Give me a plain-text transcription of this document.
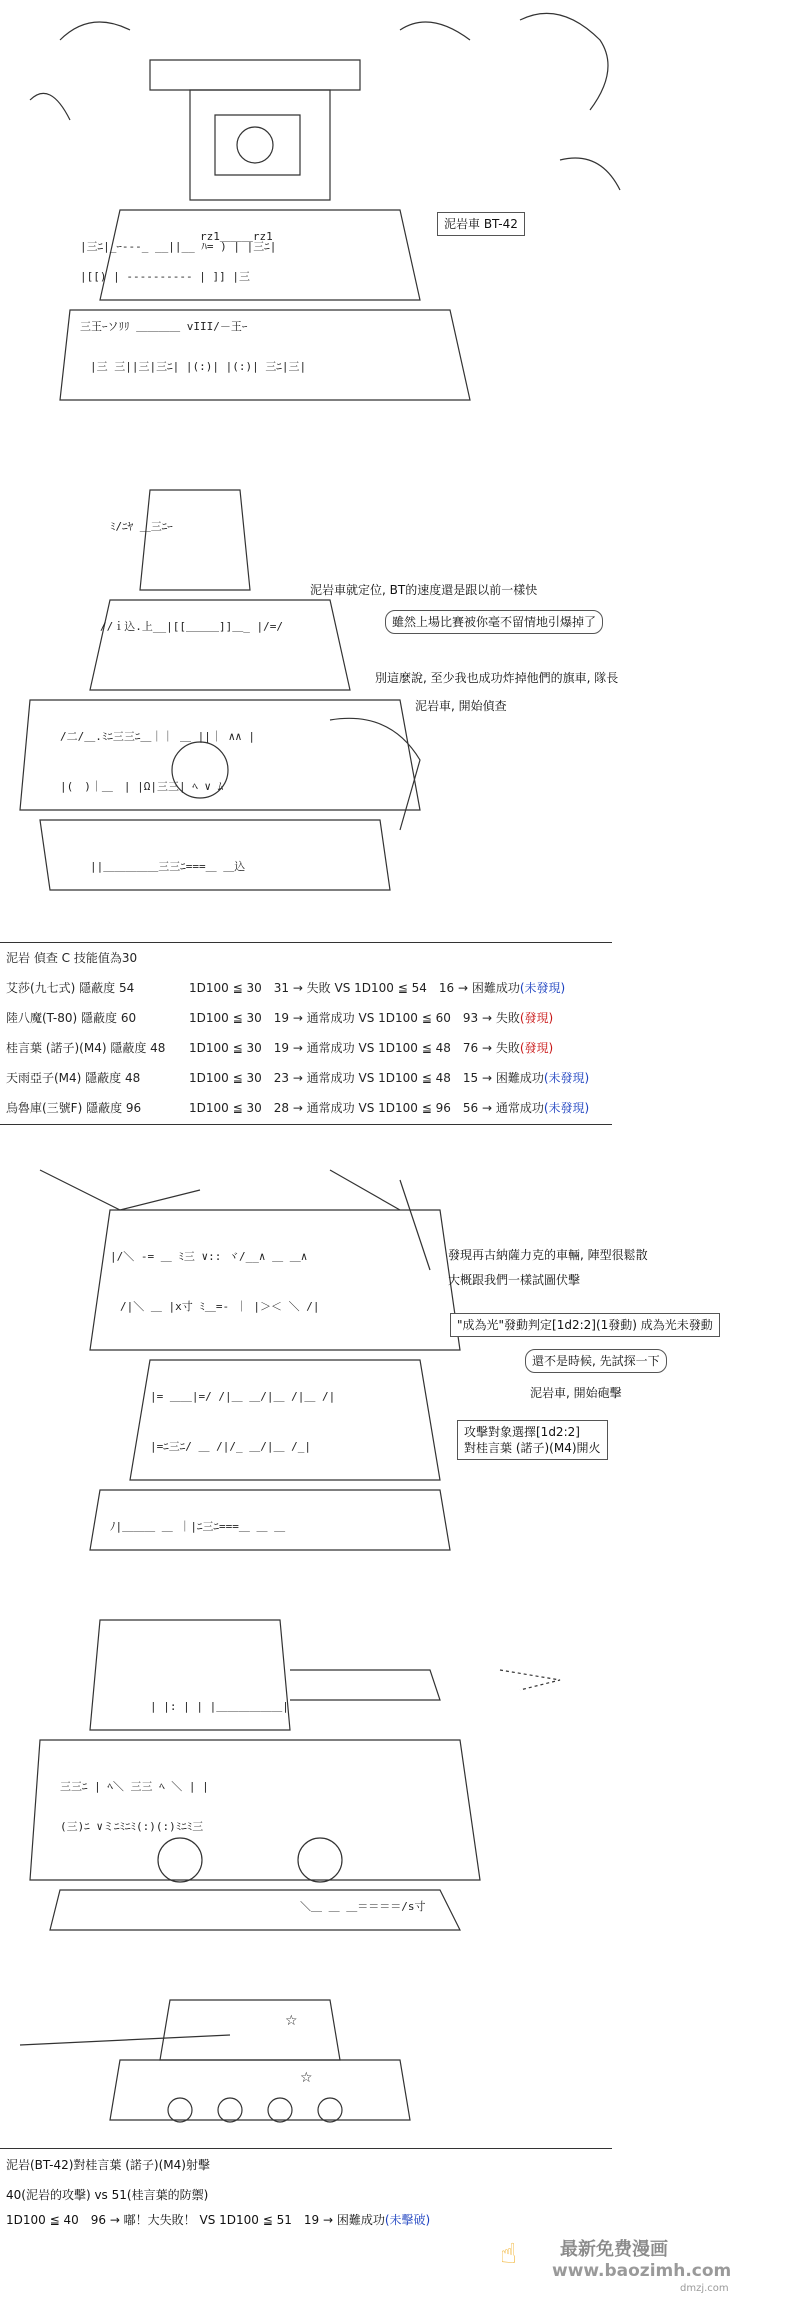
|三ﾆ|_ｰ---_ __||__ ﾊ= ) | |三ﾆ|
|[[) | ---------- | ]] |三
三王ｰソﾘﾘ ＿＿＿＿ vIII/－王ｰ
|三 三||三|三ﾆ| |(:)| |(:)| 三ﾆ|三|
rz1＿＿＿rz1
泥岩車 BT-42
ﾐ/ﾆﾔ ＿三ﾆｰ
//ｉ込.上__|[[＿＿＿]]＿_ |/=/
/二/＿.ﾐﾆ三三ﾆ＿｜｜ ＿ ||｜ ∧∧ |
|(　)｜＿　| |Ω|三三| ﾍ ∨ ﾑ
||＿＿＿＿＿三三ﾆ===＿ ＿込
泥岩車就定位, BT的速度還是跟以前一樣快
雖然上場比賽被你毫不留情地引爆掉了
別這麼說, 至少我也成功炸掉他們的旗車, 隊長
泥岩車, 開始偵查
泥岩 偵查 C 技能值為30
艾莎(九七式) 隱蔽度 54	1D100 ≦ 30　31 → 失敗 VS 1D100 ≦ 54　16 → 困難成功(未發現)
陸八魔(T-80) 隱蔽度 60	1D100 ≦ 30　19 → 通常成功 VS 1D100 ≦ 60　93 → 失敗(發現)
桂言葉 (諾子)(M4) 隱蔽度 48 1D100 ≦ 30　19 → 通常成功 VS 1D100 ≦ 48　76 → 失敗(發現)
天雨亞子(M4) 隱蔽度 48	1D100 ≦ 30　23 → 通常成功 VS 1D100 ≦ 48　15 → 困難成功(未發現)
烏魯庫(三號F) 隱蔽度 96	1D100 ≦ 30　28 → 通常成功 VS 1D100 ≦ 96　56 → 通常成功(未發現)
|/＼ -= ＿ ﾐ三 ∨:: ヾ/__∧ ＿ ＿∧
/|＼ ＿ |x寸 ﾐ＿=- ｜ |＞＜ ＼ /|
|= ＿＿|=/ /|＿ ＿/|＿ /|＿ /|
|=ﾆ三ﾆ/ ＿ /|/_ ＿/|＿ /_|
ﾉ|＿＿＿ ＿ ｜|ﾆ三ﾆ===＿ ＿ ＿
發現再古納薩力克的車輛, 陣型很鬆散
大概跟我們一樣試圖伏擊
"成為光"發動判定[1d2:2](1發動) 成為光未發動
還不是時候, 先試探一下
泥岩車, 開始砲擊
攻擊對象選擇[1d2:2]
對桂言葉 (諾子)(M4)開火
| |: | | |＿＿＿＿＿＿|
三三ﾆ | ﾍ＼ 三三 ﾍ ＼ | |
(三)ﾆ ∨ミﾆﾐﾆﾐ(:)(:)ﾐﾆﾐ三
＼＿ ＿ ＿＝＝＝＝/s寸
☆
☆
泥岩(BT-42)對桂言葉 (諾子)(M4)射擊
40(泥岩的攻擊) vs 51(桂言葉的防禦)
1D100 ≦ 40　96 → 嘟！大失敗！ VS 1D100 ≦ 51　19 → 困難成功(未擊破)
最新免费漫画
www.baozimh.com
dmzj.com
☝
